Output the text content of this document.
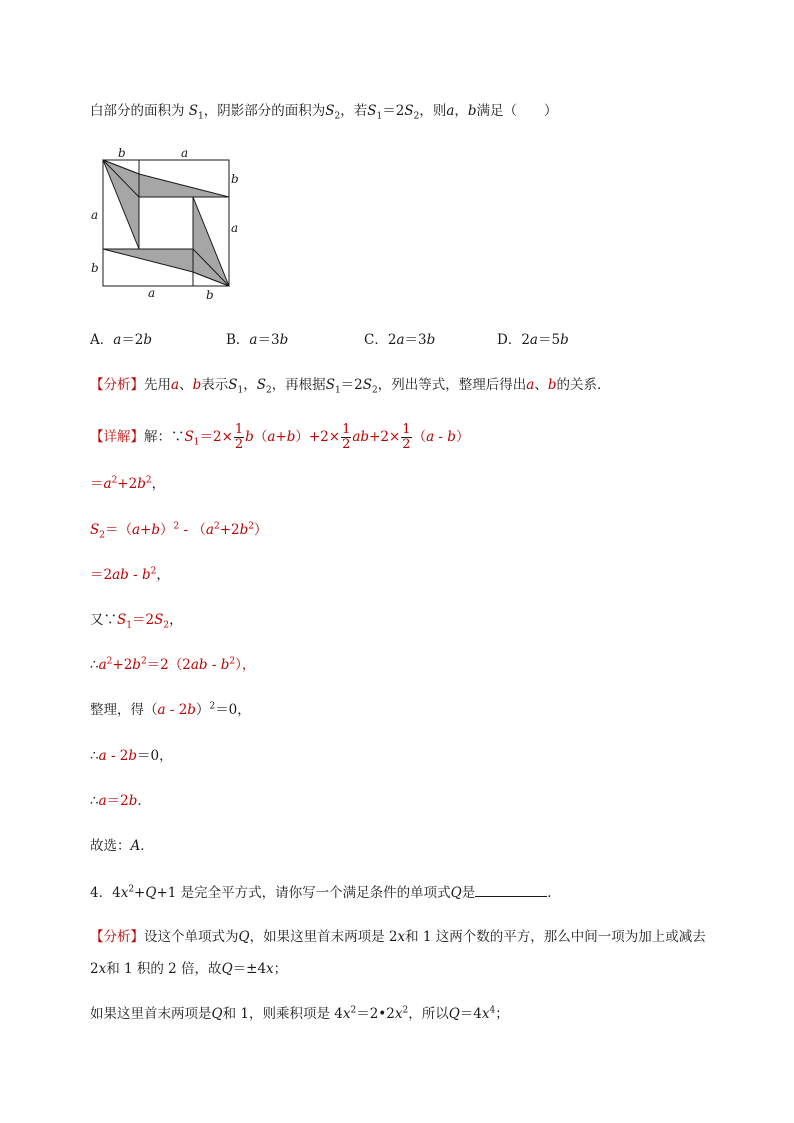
白部分的面积为 $S_1$，阴影部分的面积为$S_2$，若$S_1=2S_2$，则a，b满足（　　）
b	a
a
b
b
a
a	b
A．a＝2b	B．a＝3b	C．2a＝3b	D．2a＝5b
【分析】先用a、b表示$S_1$，$S_2$，再根据$S_1=2S_2$，列出等式，整理后得出a、b的关系．
【详解】解：$\because S_1=2\times \frac{1}{2} b(a+b)+2\times \frac{1}{2} ab+2\times \frac{1}{2} (a - b)$
$=a^2+2b^2$，
$S_2=(a+b)^2 - (a^2+2b^2)$
$=2ab - b^2$，
又$\because S_1=2S_2$，
$\therefore a^2+2b^2=2(2ab - b^2)$，
整理，得（a - 2b）$^2$＝0，
∴a - 2b＝0，
∴a＝2b．
故选：A．
4．$4x^2+Q+1$ 是完全平方式，请你写一个满足条件的单项式Q是	．
【分析】设这个单项式为Q，如果这里首末两项是 2x和 1 这两个数的平方，那么中间一项为加上或减去
2x和 1 积的 2 倍，故Q＝±4x；
如果这里首末两项是Q和 1，则乘积项是 $4x^2=2•2x^2$，所以$Q=4x^4$；
